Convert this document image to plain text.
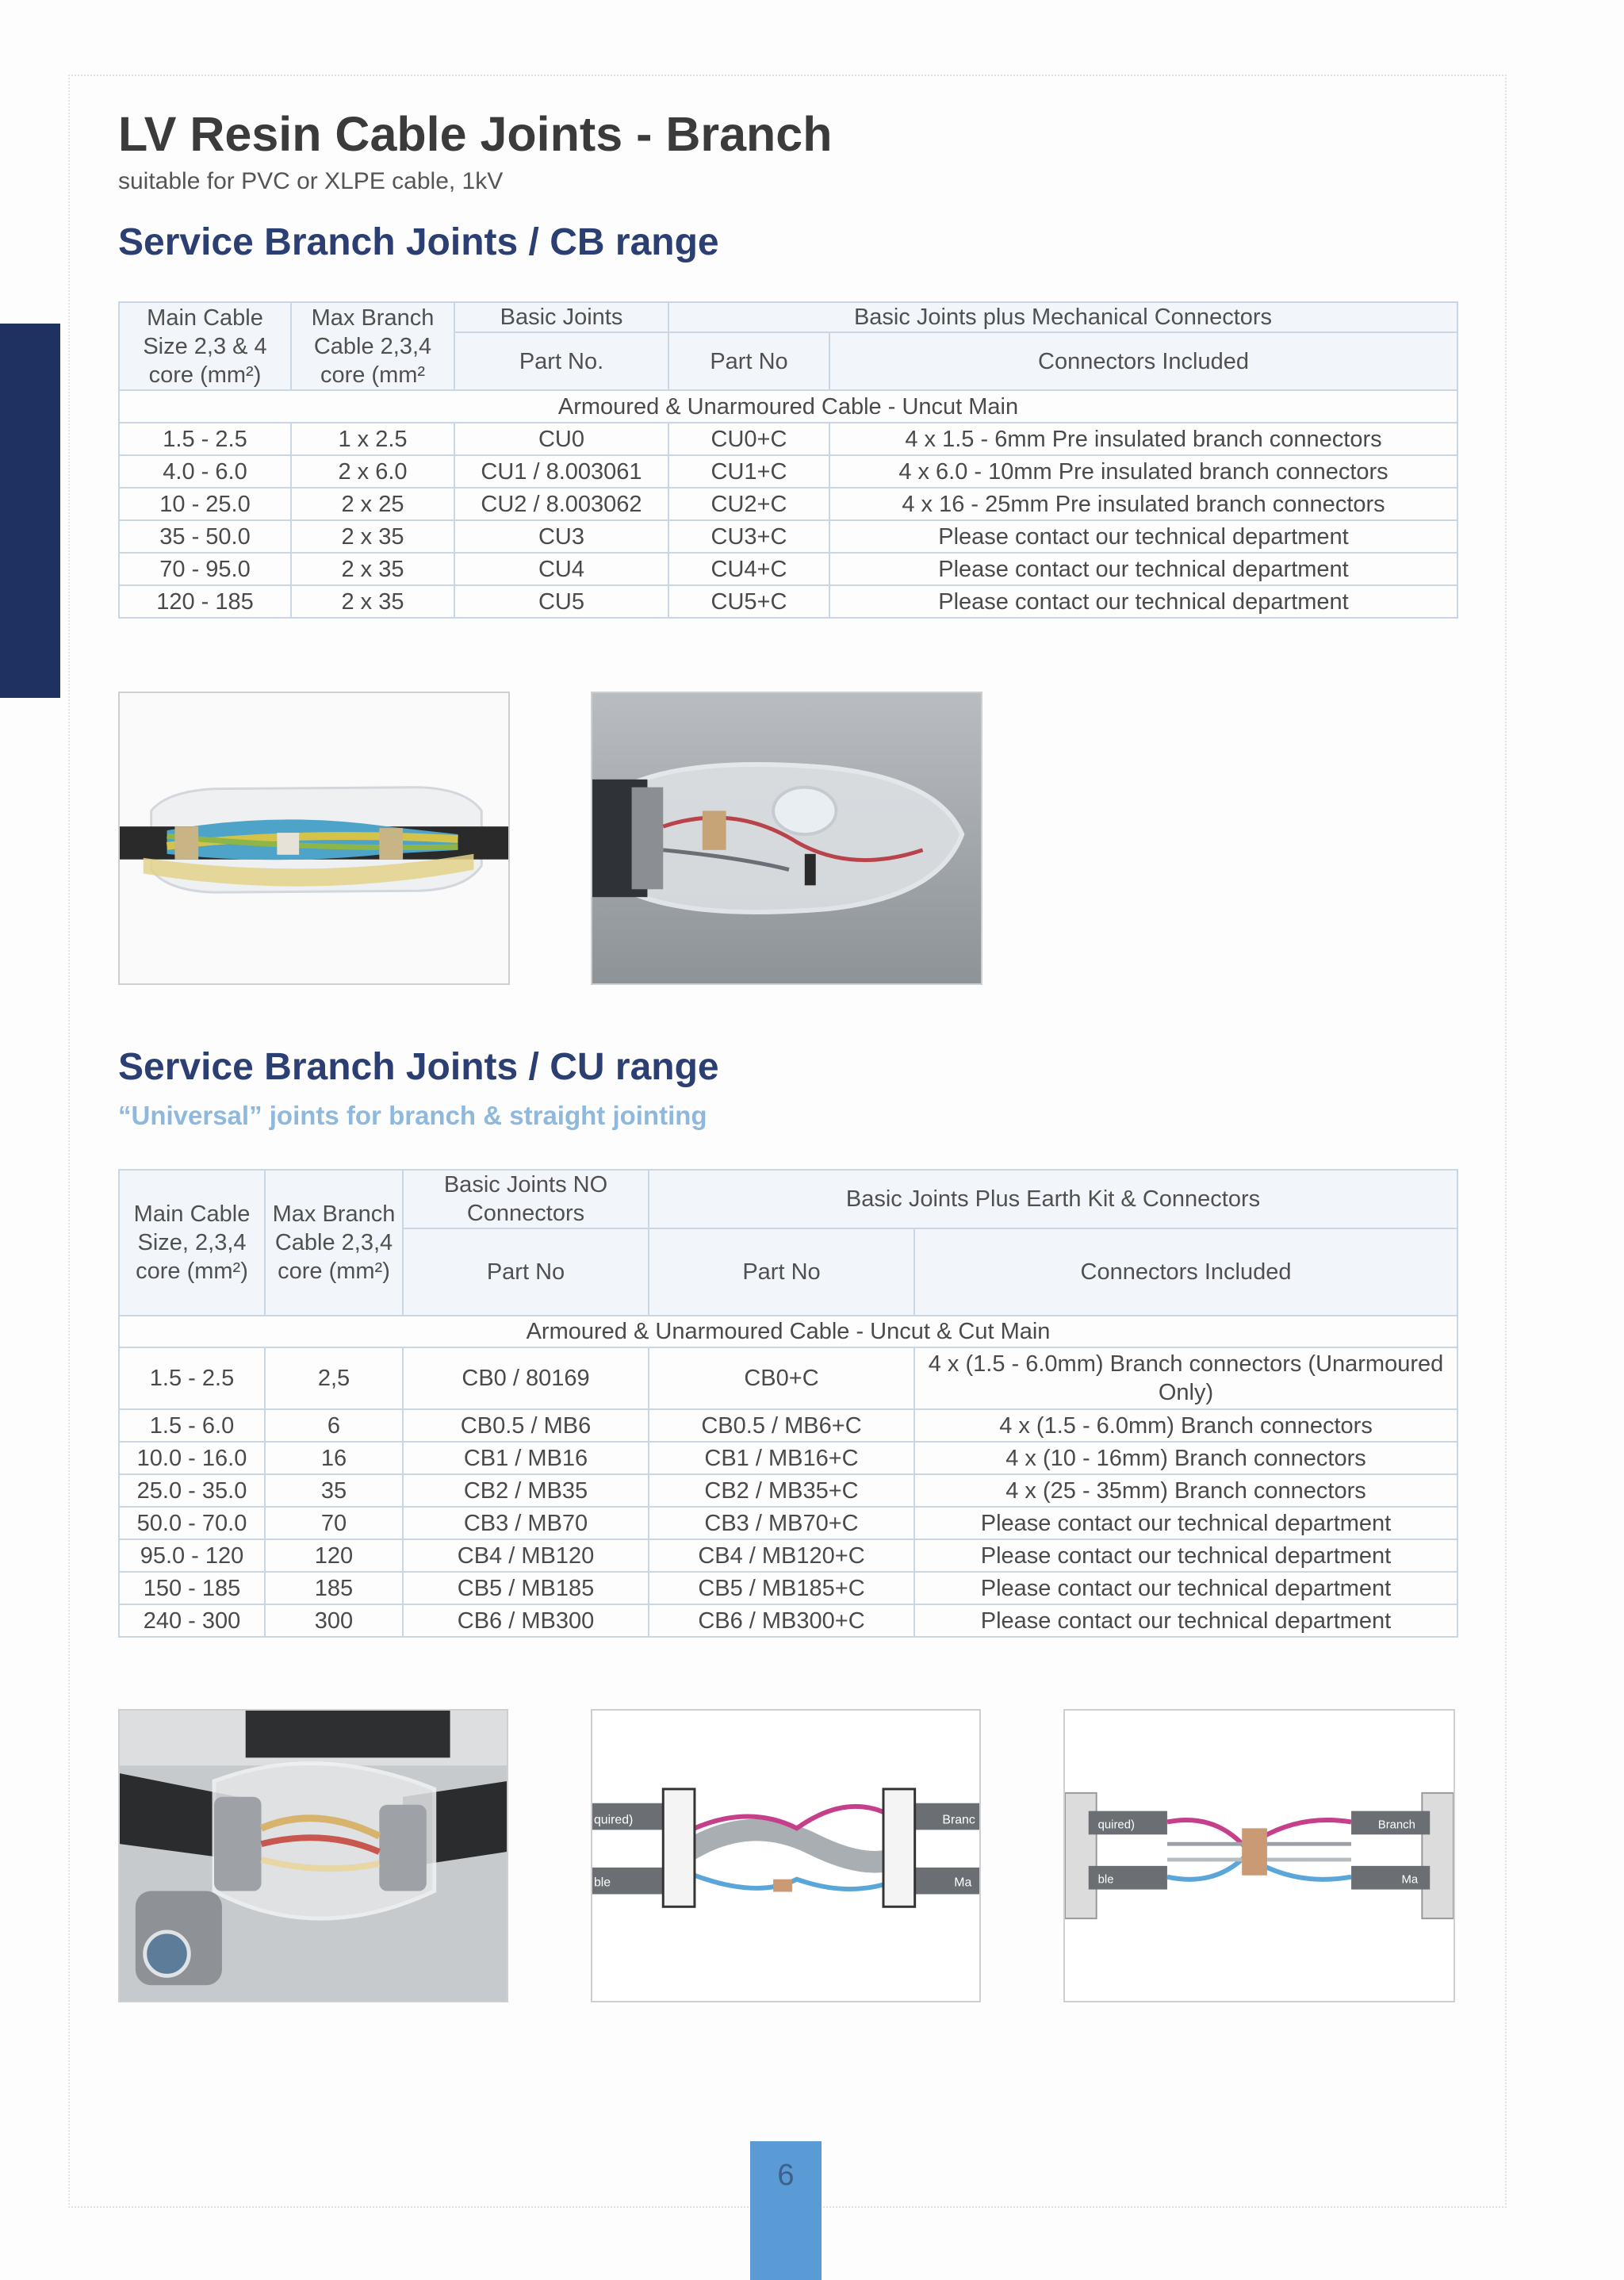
LV Resin Cable Joints - Branch
suitable for PVC or XLPE cable, 1kV
Service Branch Joints / CB range
Main Cable Size 2,3 & 4 core (mm²)	Max Branch Cable 2,3,4 core (mm²	Basic Joints	Basic Joints plus Mechanical Connectors	
		Part No.	Part No	Connectors Included
Armoured & Unarmoured Cable - Uncut Main				
1.5 - 2.5	1 x 2.5	CU0	CU0+C	4 x 1.5 - 6mm Pre insulated branch connectors
4.0 - 6.0	2 x 6.0	CU1 / 8.003061	CU1+C	4 x 6.0 - 10mm Pre insulated branch connectors
10 - 25.0	2 x 25	CU2 / 8.003062	CU2+C	4 x 16 - 25mm Pre insulated branch connectors
35 - 50.0	2 x 35	CU3	CU3+C	Please contact our technical department
70 - 95.0	2 x 35	CU4	CU4+C	Please contact our technical department
120 - 185	2 x 35	CU5	CU5+C	Please contact our technical department
Service Branch Joints / CU range
“Universal” joints for branch & straight jointing
Main Cable Size, 2,3,4 core (mm²)	Max Branch Cable 2,3,4 core (mm²)	Basic Joints NO Connectors	Basic Joints Plus Earth Kit & Connectors	
		Part No	Part No	Connectors Included
Armoured & Unarmoured Cable - Uncut & Cut Main				
1.5 - 2.5	2,5	CB0 / 80169	CB0+C	4 x (1.5 - 6.0mm) Branch connectors (Unarmoured Only)
1.5 - 6.0	6	CB0.5 / MB6	CB0.5 / MB6+C	4 x (1.5 - 6.0mm) Branch connectors
10.0 - 16.0	16	CB1 / MB16	CB1 / MB16+C	4 x (10 - 16mm) Branch connectors
25.0 - 35.0	35	CB2 / MB35	CB2 / MB35+C	4 x (25 - 35mm) Branch connectors
50.0 - 70.0	70	CB3 / MB70	CB3 / MB70+C	Please contact our technical department
95.0 - 120	120	CB4 / MB120	CB4 / MB120+C	Please contact our technical department
150 - 185	185	CB5 / MB185	CB5 / MB185+C	Please contact our technical department
240 - 300	300	CB6 / MB300	CB6 / MB300+C	Please contact our technical department
quired)
ble
Branc
Ma
quired)
ble
Branch
Ma
6
